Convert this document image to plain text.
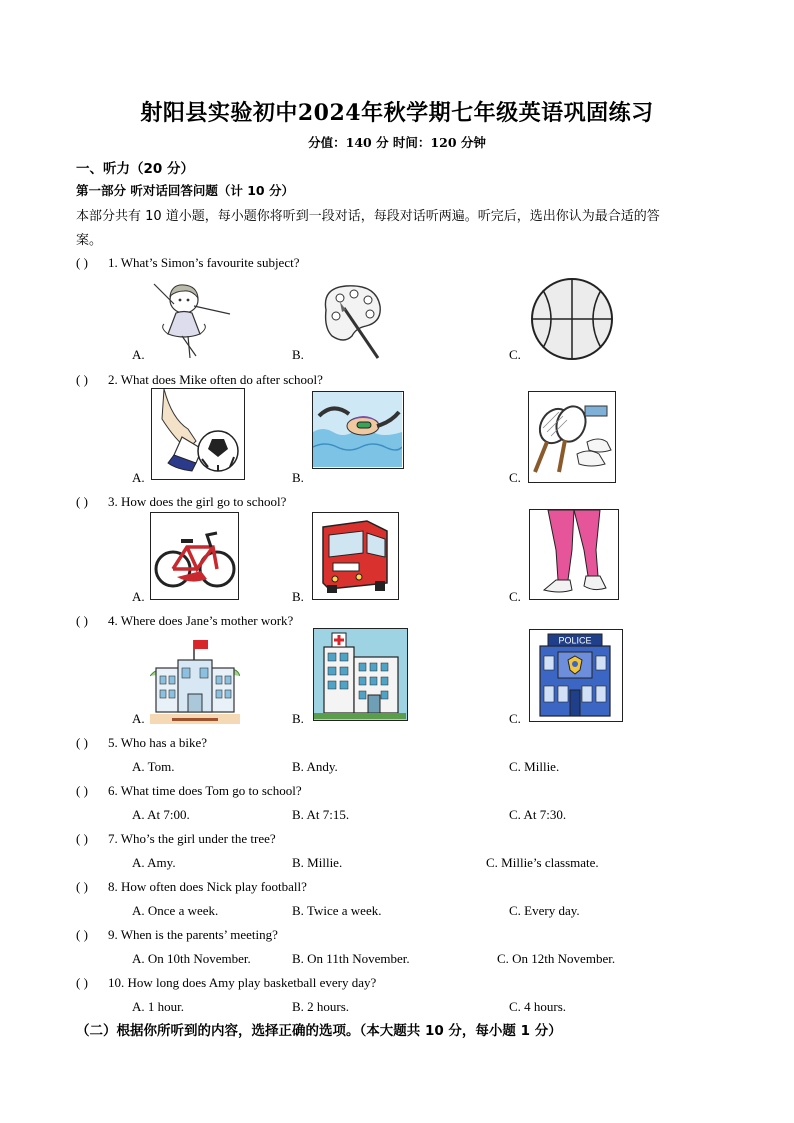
射阳县实验初中2024年秋学期七年级英语巩固练习
分值：140 分 时间：120 分钟
一、听力（20 分）
第一部分 听对话回答问题（计 10 分）
本部分共有 10 道小题，每小题你将听到一段对话，每段对话听两遍。听完后，选出你认为最合适的答
案。
( ) 1. What’s Simon’s favourite subject?
A.	B.	C.
( ) 2. What does Mike often do after school?
A.	B.	C.
( ) 3. How does the girl go to school?
A.	B.	C.
( ) 4. Where does Jane’s mother work?
A.	B.	C.
POLICE
( ) 5. Who has a bike?
A. Tom.	B. Andy.	C. Millie.
( ) 6. What time does Tom go to school?
A. At 7:00.	B. At 7:15.	C. At 7:30.
( ) 7. Who’s the girl under the tree?
A. Amy.	B. Millie.	C. Millie’s classmate.
( ) 8. How often does Nick play football?
A. Once a week.	B. Twice a week.	C. Every day.
( ) 9. When is the parents’ meeting?
A. On 10th November.	B. On 11th November.	C. On 12th November.
( ) 10. How long does Amy play basketball every day?
A. 1 hour.	B. 2 hours.	C. 4 hours.
（二）根据你所听到的内容，选择正确的选项。（本大题共 10 分，每小题 1 分）
